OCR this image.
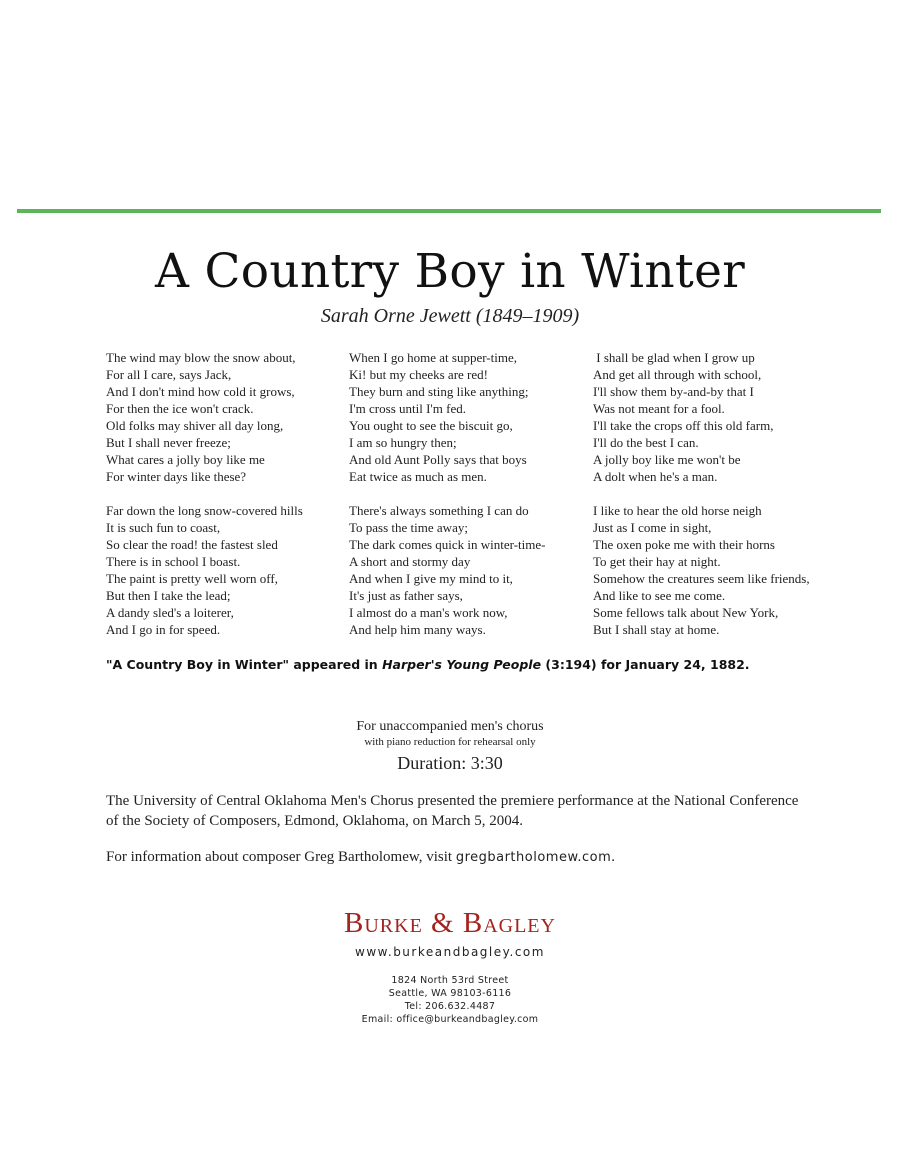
A Country Boy in Winter
Sarah Orne Jewett (1849–1909)
The wind may blow the snow about,
For all I care, says Jack,
And I don't mind how cold it grows,
For then the ice won't crack.
Old folks may shiver all day long,
But I shall never freeze;
What cares a jolly boy like me
For winter days like these?
Far down the long snow-covered hills
It is such fun to coast,
So clear the road! the fastest sled
There is in school I boast.
The paint is pretty well worn off,
But then I take the lead;
A dandy sled's a loiterer,
And I go in for speed.
When I go home at supper-time,
Ki! but my cheeks are red!
They burn and sting like anything;
I'm cross until I'm fed.
You ought to see the biscuit go,
I am so hungry then;
And old Aunt Polly says that boys
Eat twice as much as men.
There's always something I can do
To pass the time away;
The dark comes quick in winter-time-
A short and stormy day
And when I give my mind to it,
It's just as father says,
I almost do a man's work now,
And help him many ways.
I shall be glad when I grow up
And get all through with school,
I'll show them by-and-by that I
Was not meant for a fool.
I'll take the crops off this old farm,
I'll do the best I can.
A jolly boy like me won't be
A dolt when he's a man.
I like to hear the old horse neigh
Just as I come in sight,
The oxen poke me with their horns
To get their hay at night.
Somehow the creatures seem like friends,
And like to see me come.
Some fellows talk about New York,
But I shall stay at home.
"A Country Boy in Winter" appeared in Harper's Young People (3:194) for January 24, 1882.
For unaccompanied men's chorus
with piano reduction for rehearsal only
Duration: 3:30
The University of Central Oklahoma Men's Chorus presented the premiere performance at the National Conference of the Society of Composers, Edmond, Oklahoma, on March 5, 2004.
For information about composer Greg Bartholomew, visit gregbartholomew.com.
Burke & Bagley
www.burkeandbagley.com
1824 North 53rd Street
Seattle, WA 98103-6116
Tel: 206.632.4487
Email: office@burkeandbagley.com
